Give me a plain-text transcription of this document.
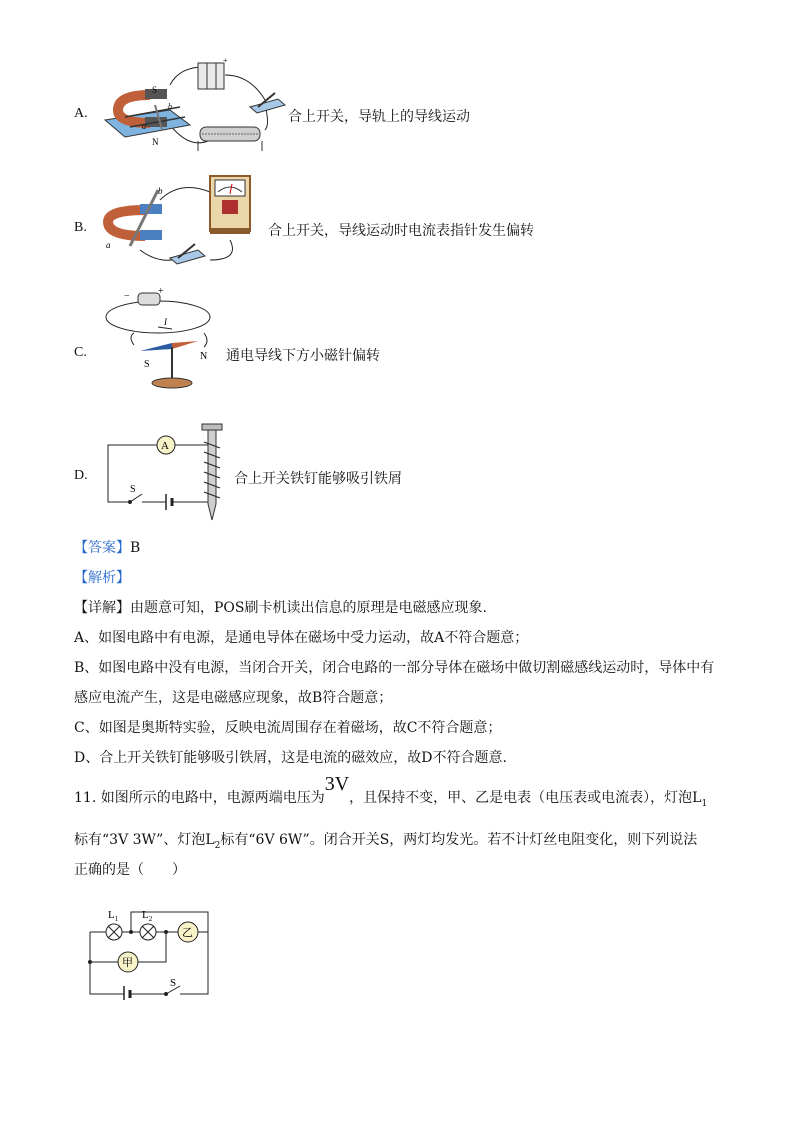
A.
+
S
N
b
a
合上开关，导轨上的导线运动
B.
b
a
合上开关，导线运动时电流表指针发生偏转
C.
−	+
I
S
N 通电导线下方小磁针偏转
D.
A
S
合上开关铁钉能够吸引铁屑
【答案】B
【解析】
【详解】由题意可知，POS刷卡机读出信息的原理是电磁感应现象.
A、如图电路中有电源，是通电导体在磁场中受力运动，故A不符合题意；
B、如图电路中没有电源，当闭合开关，闭合电路的一部分导体在磁场中做切割磁感线运动时，导体中有
感应电流产生，这是电磁感应现象，故B符合题意；
C、如图是奥斯特实验，反映电流周围存在着磁场，故C不符合题意；
D、合上开关铁钉能够吸引铁屑，这是电流的磁效应，故D不符合题意.
11. 如图所示的电路中，电源两端电压为3V，且保持不变，甲、乙是电表（电压表或电流表），灯泡$L_1$
标有“3V 3W”、灯泡$L_2$标有“6V 6W”。闭合开关S，两灯均发光。若不计灯丝电阻变化，则下列说法
正确的是（　　）
乙
甲
$L_1$ $L_2$
S
